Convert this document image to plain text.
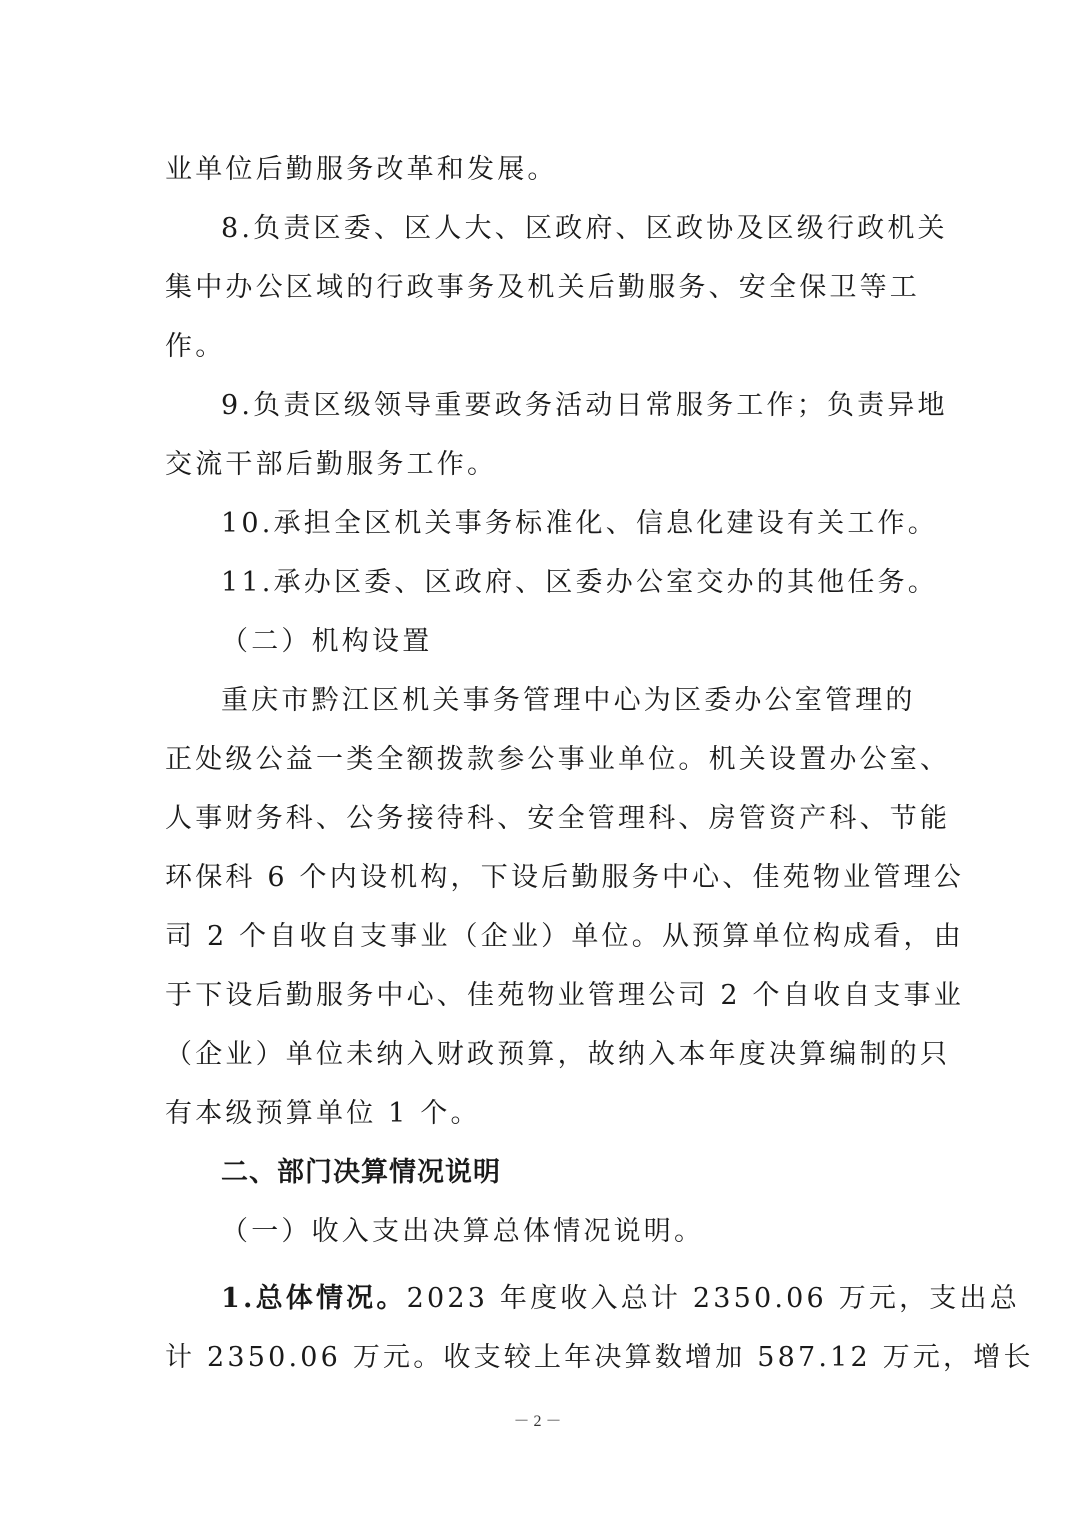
业单位后勤服务改革和发展。
8.负责区委、区人大、区政府、区政协及区级行政机关
集中办公区域的行政事务及机关后勤服务、安全保卫等工
作。
9.负责区级领导重要政务活动日常服务工作；负责异地
交流干部后勤服务工作。
10.承担全区机关事务标准化、信息化建设有关工作。
11.承办区委、区政府、区委办公室交办的其他任务。
（二）机构设置
重庆市黔江区机关事务管理中心为区委办公室管理的
正处级公益一类全额拨款参公事业单位。机关设置办公室、
人事财务科、公务接待科、安全管理科、房管资产科、节能
环保科 6 个内设机构，下设后勤服务中心、佳苑物业管理公
司 2 个自收自支事业（企业）单位。从预算单位构成看，由
于下设后勤服务中心、佳苑物业管理公司 2 个自收自支事业
（企业）单位未纳入财政预算，故纳入本年度决算编制的只
有本级预算单位 1 个。
二、部门决算情况说明
（一）收入支出决算总体情况说明。
1.总体情况。2023 年度收入总计 2350.06 万元，支出总
计 2350.06 万元。收支较上年决算数增加 587.12 万元，增长
－ 2 －
